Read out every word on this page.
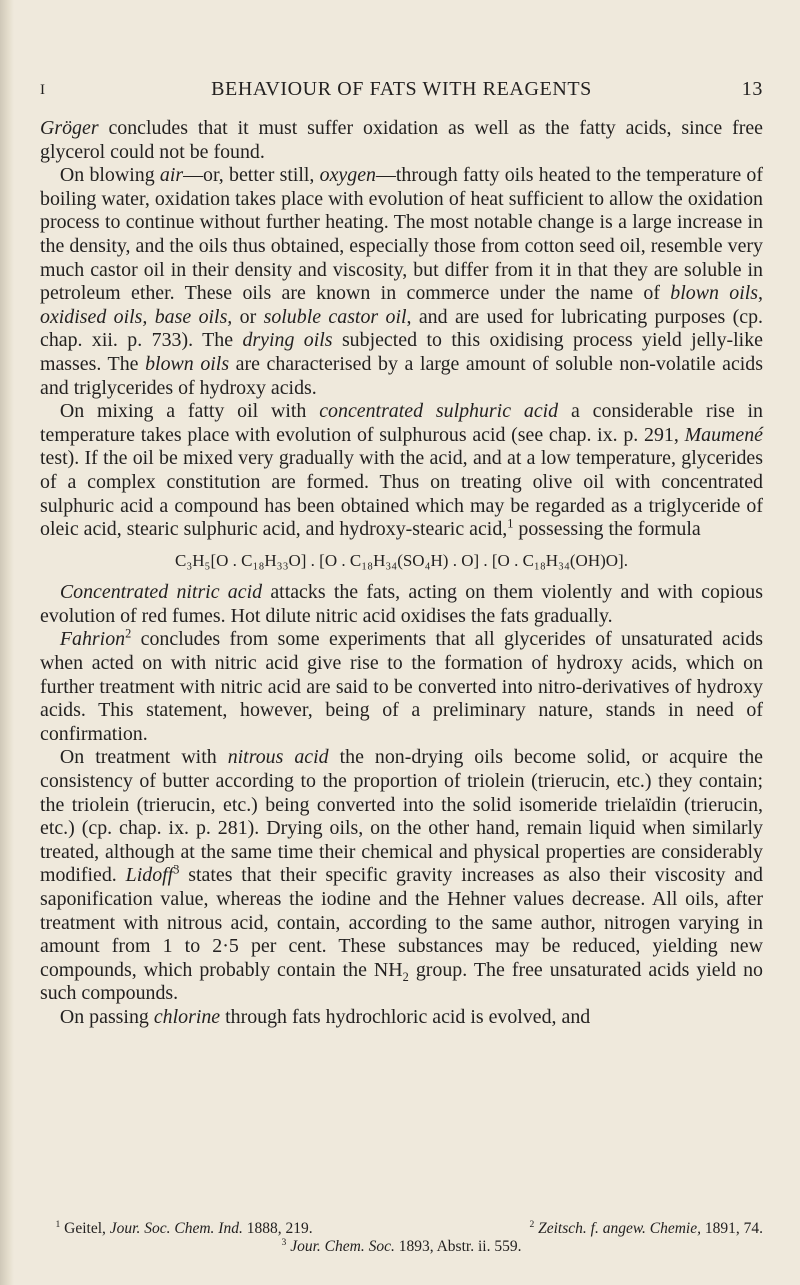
I	BEHAVIOUR OF FATS WITH REAGENTS	13

Gröger concludes that it must suffer oxidation as well as the fatty acids, since free glycerol could not be found.

 On blowing air—or, better still, oxygen—through fatty oils heated to the temperature of boiling water, oxidation takes place with evolution of heat sufficient to allow the oxidation process to continue without further heating. The most notable change is a large increase in the density, and the oils thus obtained, especially those from cotton seed oil, resemble very much castor oil in their density and viscosity, but differ from it in that they are soluble in petroleum ether. These oils are known in commerce under the name of blown oils, oxidised oils, base oils, or soluble castor oil, and are used for lubricating purposes (cp. chap. xii. p. 733). The drying oils subjected to this oxidising process yield jelly-like masses. The blown oils are characterised by a large amount of soluble non-volatile acids and triglycerides of hydroxy acids.

 On mixing a fatty oil with concentrated sulphuric acid a considerable rise in temperature takes place with evolution of sulphurous acid (see chap. ix. p. 291, Maumené test). If the oil be mixed very gradually with the acid, and at a low temperature, glycerides of a complex constitution are formed. Thus on treating olive oil with concentrated sulphuric acid a compound has been obtained which may be regarded as a triglyceride of oleic acid, stearic sulphuric acid, and hydroxy-stearic acid,$^1$ possessing the formula

C₃H₅[O . C₁₈H₃₃O] . [O . C₁₈H₃₄(SO₄H) . O] . [O . C₁₈H₃₄(OH)O].

 Concentrated nitric acid attacks the fats, acting on them violently and with copious evolution of red fumes. Hot dilute nitric acid oxidises the fats gradually.

 Fahrion$^2$ concludes from some experiments that all glycerides of unsaturated acids when acted on with nitric acid give rise to the formation of hydroxy acids, which on further treatment with nitric acid are said to be converted into nitro-derivatives of hydroxy acids. This statement, however, being of a preliminary nature, stands in need of confirmation.

 On treatment with nitrous acid the non-drying oils become solid, or acquire the consistency of butter according to the proportion of triolein (trierucin, etc.) they contain; the triolein (trierucin, etc.) being converted into the solid isomeride trielaïdin (trierucin, etc.) (cp. chap. ix. p. 281). Drying oils, on the other hand, remain liquid when similarly treated, although at the same time their chemical and physical properties are considerably modified. Lidoff$^3$ states that their specific gravity increases as also their viscosity and saponification value, whereas the iodine and the Hehner values decrease. All oils, after treatment with nitrous acid, contain, according to the same author, nitrogen varying in amount from 1 to 2·5 per cent. These substances may be reduced, yielding new compounds, which probably contain the $NH_2$ group. The free unsaturated acids yield no such compounds.

 On passing chlorine through fats hydrochloric acid is evolved, and

 $^1$ Geitel, Jour. Soc. Chem. Ind. 1888, 219.	$^2$ Zeitsch. f. angew. Chemie, 1891, 74.
$^3$ Jour. Chem. Soc. 1893, Abstr. ii. 559.
